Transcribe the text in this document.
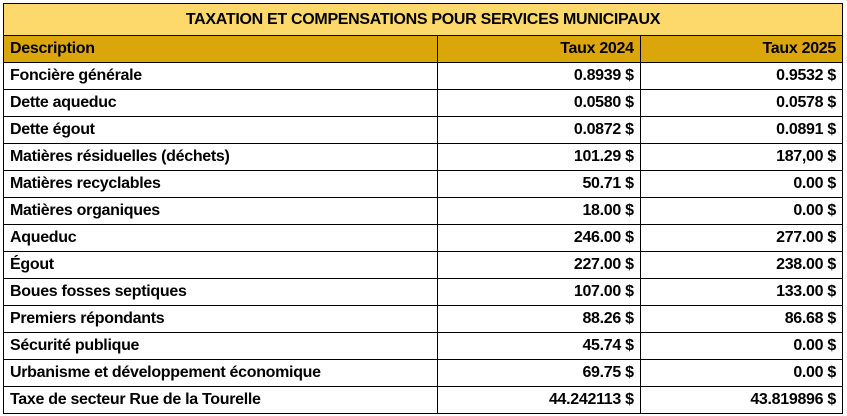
TAXATION ET COMPENSATIONS POUR SERVICES MUNICIPAUX		
Description	Taux 2024	Taux 2025
Foncière générale	0.8939 $	0.9532 $
Dette aqueduc	0.0580 $	0.0578 $
Dette égout	0.0872 $	0.0891 $
Matières résiduelles (déchets)	101.29 $	187,00 $
Matières recyclables	50.71 $	0.00 $
Matières organiques	18.00 $	0.00 $
Aqueduc	246.00 $	277.00 $
Égout	227.00 $	238.00 $
Boues fosses septiques	107.00 $	133.00 $
Premiers répondants	88.26 $	86.68 $
Sécurité publique	45.74 $	0.00 $
Urbanisme et développement économique	69.75 $	0.00 $
Taxe de secteur Rue de la Tourelle	44.242113 $	43.819896 $
